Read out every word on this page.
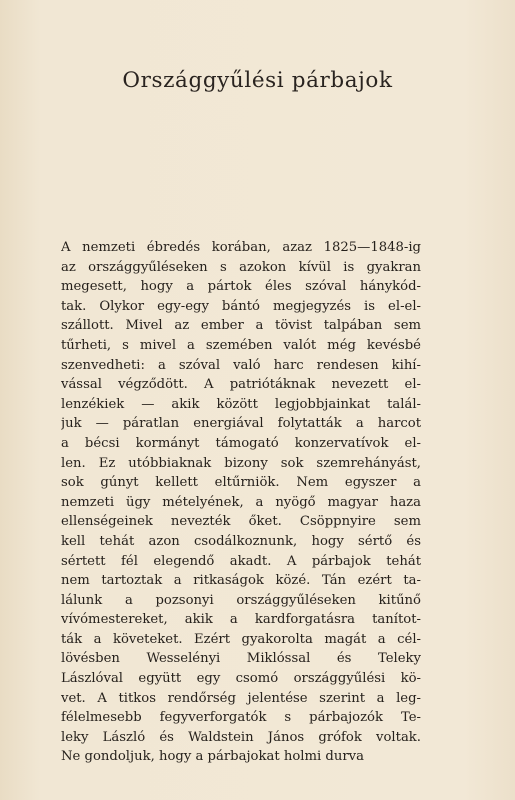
Országgyűlési párbajok
A nemzeti ébredés korában, azaz 1825—1848-ig
az országgyűléseken s azokon kívül is gyakran
megesett, hogy a pártok éles szóval hánykód-
tak. Olykor egy-egy bántó megjegyzés is el-el-
szállott. Mivel az ember a tövist talpában sem
tűrheti, s mivel a szemében valót még kevésbé
szenvedheti: a szóval való harc rendesen kihí-
vással végződött. A patriótáknak nevezett el-
lenzékiek — akik között legjobbjainkat talál-
juk — páratlan energiával folytatták a harcot
a bécsi kormányt támogató konzervatívok el-
len. Ez utóbbiaknak bizony sok szemrehányást,
sok gúnyt kellett eltűrniök. Nem egyszer a
nemzeti ügy mételyének, a nyögő magyar haza
ellenségeinek nevezték őket. Csöppnyire sem
kell tehát azon csodálkoznunk, hogy sértő és
sértett fél elegendő akadt. A párbajok tehát
nem tartoztak a ritkaságok közé. Tán ezért ta-
lálunk a pozsonyi országgyűléseken kitűnő
vívómestereket, akik a kardforgatásra tanítot-
ták a követeket. Ezért gyakorolta magát a cél-
lövésben Wesselényi Miklóssal és Teleky
Lászlóval együtt egy csomó országgyűlési kö-
vet. A titkos rendőrség jelentése szerint a leg-
félelmesebb fegyverforgatók s párbajozók Te-
leky László és Waldstein János grófok voltak.
Ne gondoljuk, hogy a párbajokat holmi durva
